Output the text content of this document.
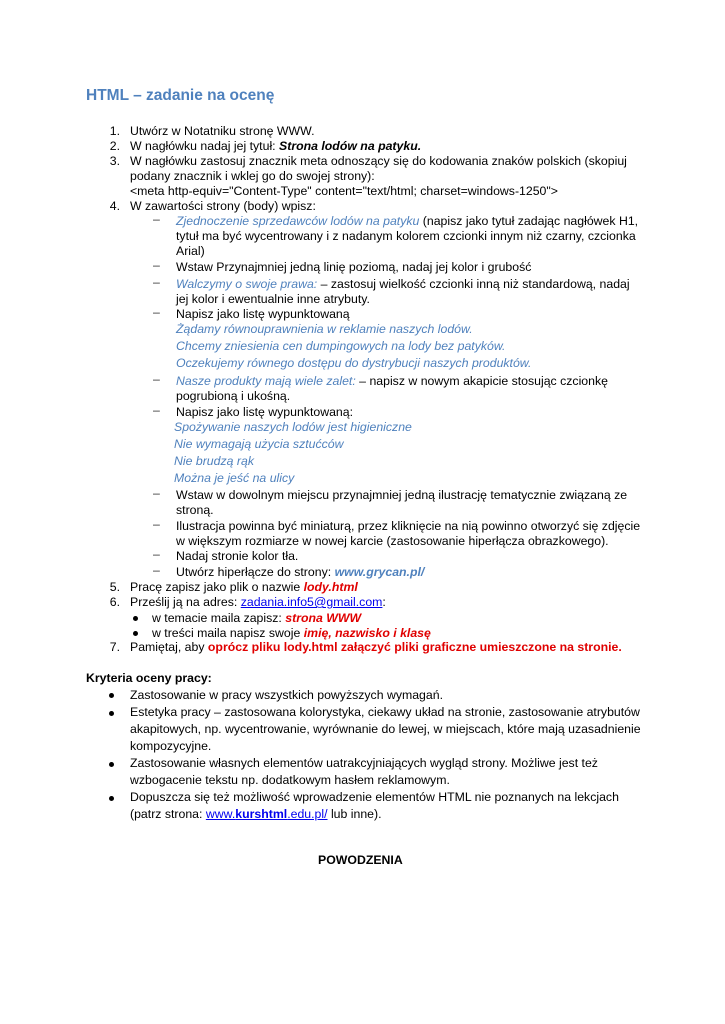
HTML – zadanie na ocenę
1. Utwórz w Notatniku stronę WWW.
2. W nagłówku nadaj jej tytuł: Strona lodów na patyku.
3. W nagłówku zastosuj znacznik meta odnoszący się do kodowania znaków polskich (skopiuj
podany znacznik i wklej go do swojej strony):
<meta http-equiv="Content-Type" content="text/html; charset=windows-1250">
4. W zawartości strony (body) wpisz:
– Zjednoczenie sprzedawców lodów na patyku (napisz jako tytuł zadając nagłówek H1,
tytuł ma być wycentrowany i z nadanym kolorem czcionki innym niż czarny, czcionka
Arial)
– Wstaw Przynajmniej jedną linię poziomą, nadaj jej kolor i grubość
– Walczymy o swoje prawa: – zastosuj wielkość czcionki inną niż standardową, nadaj
jej kolor i ewentualnie inne atrybuty.
– Napisz jako listę wypunktowaną
Żądamy równouprawnienia w reklamie naszych lodów.
Chcemy zniesienia cen dumpingowych na lody bez patyków.
Oczekujemy równego dostępu do dystrybucji naszych produktów.
– Nasze produkty mają wiele zalet: – napisz w nowym akapicie stosując czcionkę
pogrubioną i ukośną.
– Napisz jako listę wypunktowaną:
Spożywanie naszych lodów jest higieniczne
Nie wymagają użycia sztućców
Nie brudzą rąk
Można je jeść na ulicy
– Wstaw w dowolnym miejscu przynajmniej jedną ilustrację tematycznie związaną ze
stroną.
– Ilustracja powinna być miniaturą, przez kliknięcie na nią powinno otworzyć się zdjęcie
w większym rozmiarze w nowej karcie (zastosowanie hiperłącza obrazkowego).
– Nadaj stronie kolor tła.
– Utwórz hiperłącze do strony: www.grycan.pl/
5. Pracę zapisz jako plik o nazwie lody.html
6. Prześlij ją na adres: zadania.info5@gmail.com:
w temacie maila zapisz: strona WWW
w treści maila napisz swoje imię, nazwisko i klasę
7. Pamiętaj, aby oprócz pliku lody.html załączyć pliki graficzne umieszczone na stronie.
Kryteria oceny pracy:
Zastosowanie w pracy wszystkich powyższych wymagań.
Estetyka pracy – zastosowana kolorystyka, ciekawy układ na stronie, zastosowanie atrybutów
akapitowych, np. wycentrowanie, wyrównanie do lewej, w miejscach, które mają uzasadnienie
kompozycyjne.
Zastosowanie własnych elementów uatrakcyjniających wygląd strony. Możliwe jest też
wzbogacenie tekstu np. dodatkowym hasłem reklamowym.
Dopuszcza się też możliwość wprowadzenie elementów HTML nie poznanych na lekcjach
(patrz strona: www.kurshtml.edu.pl/ lub inne).
POWODZENIA
